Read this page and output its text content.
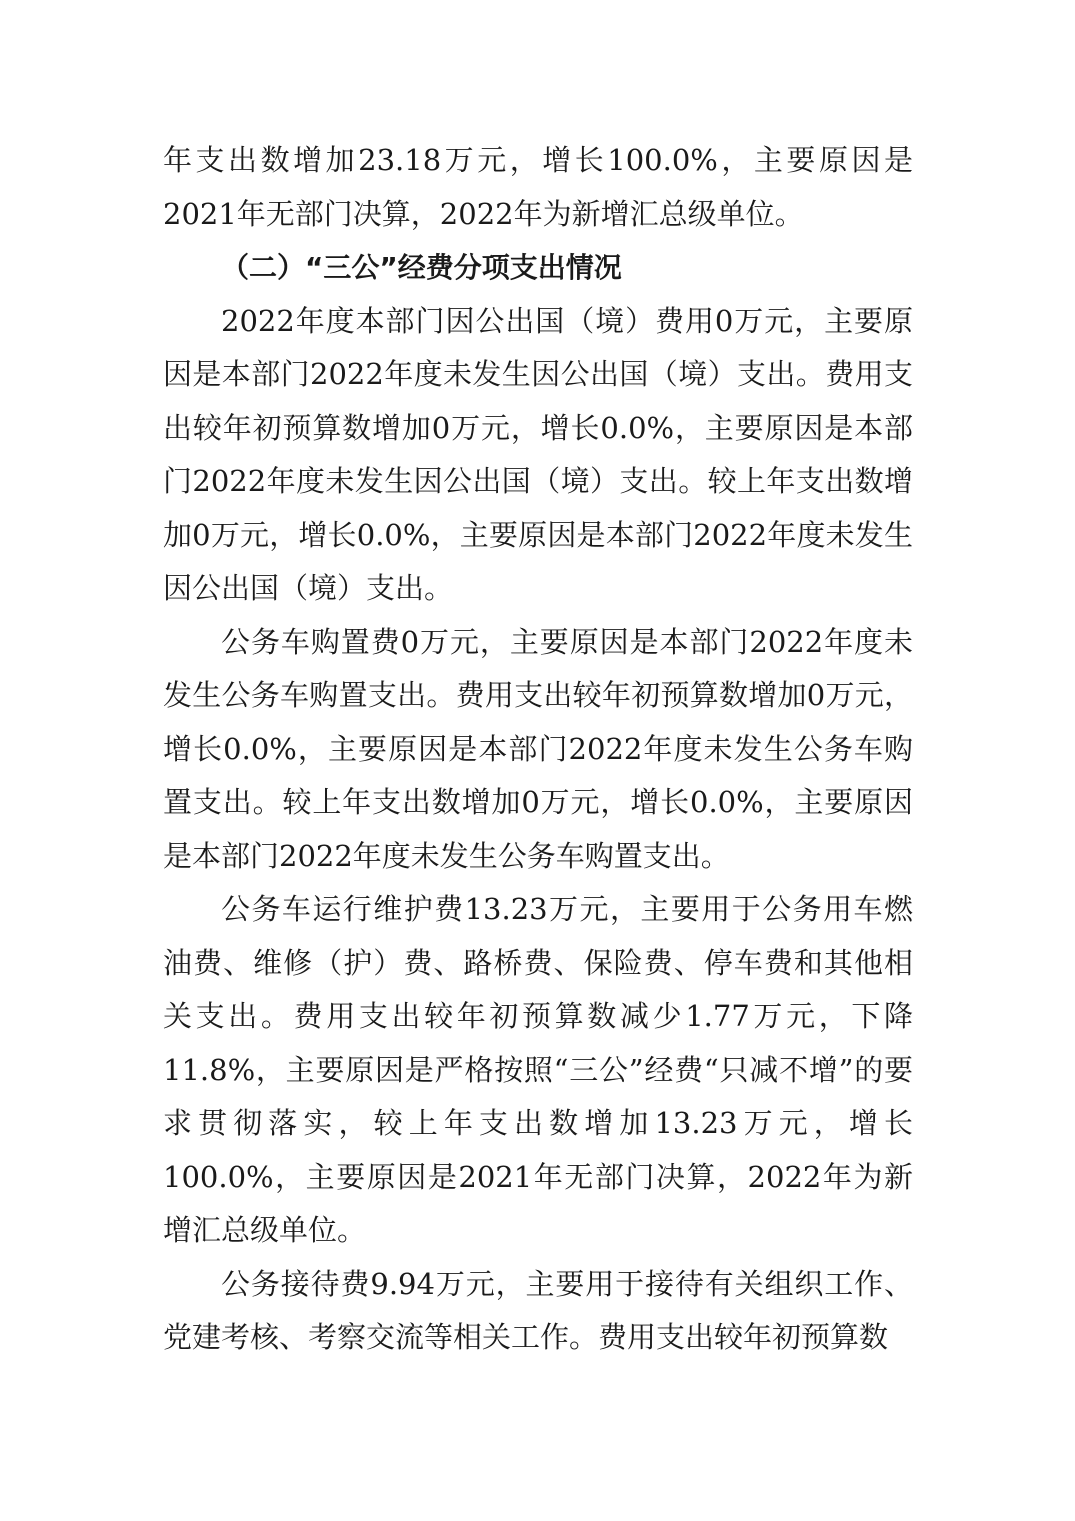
年支出数增加23.18万元，增长100.0%，主要原因是2021年无部门决算，2022年为新增汇总级单位。

（二）“三公”经费分项支出情况

2022年度本部门因公出国（境）费用0万元，主要原因是本部门2022年度未发生因公出国（境）支出。费用支出较年初预算数增加0万元，增长0.0%，主要原因是本部门2022年度未发生因公出国（境）支出。较上年支出数增加0万元，增长0.0%，主要原因是本部门2022年度未发生因公出国（境）支出。

公务车购置费0万元，主要原因是本部门2022年度未发生公务车购置支出。费用支出较年初预算数增加0万元，增长0.0%，主要原因是本部门2022年度未发生公务车购置支出。较上年支出数增加0万元，增长0.0%，主要原因是本部门2022年度未发生公务车购置支出。

公务车运行维护费13.23万元，主要用于公务用车燃油费、维修（护）费、路桥费、保险费、停车费和其他相关支出。费用支出较年初预算数减少1.77万元，下降11.8%，主要原因是严格按照“三公”经费“只减不增”的要求贯彻落实，较上年支出数增加13.23万元，增长100.0%，主要原因是2021年无部门决算，2022年为新增汇总级单位。

公务接待费9.94万元，主要用于接待有关组织工作、党建考核、考察交流等相关工作。费用支出较年初预算数
